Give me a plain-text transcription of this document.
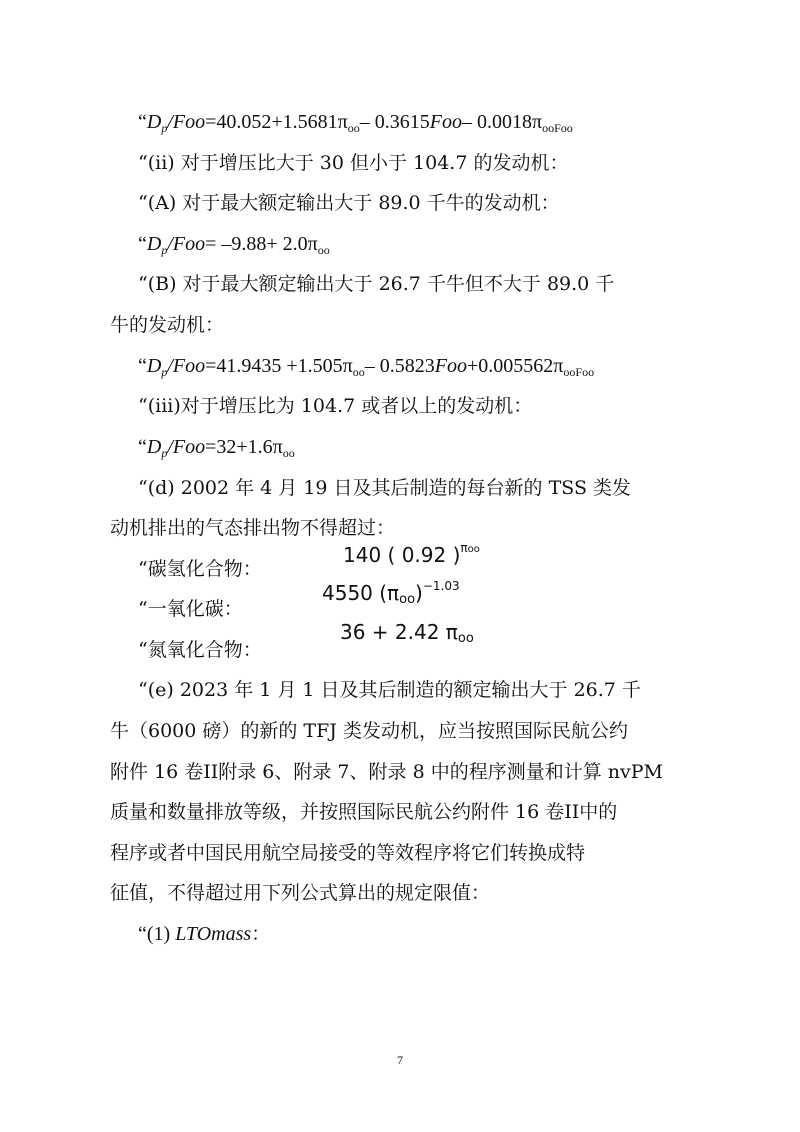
“$D_p/Foo=40.052+1.5681\pi_{oo}-$ 0.3615Foo– $0.0018\pi_{ooFoo}$
“(ii) 对于增压比大于 30 但小于 104.7 的发动机：
“(A) 对于最大额定输出大于 89.0 千牛的发动机：
“$D_p/Foo= -9.88+ 2.0\pi_{oo}$
“(B) 对于最大额定输出大于 26.7 千牛但不大于 89.0 千
牛的发动机：
“$D_p/Foo=41.9435 +1.505\pi_{oo}-$ $0.5823Foo+0.005562\pi_{ooFoo}$
“(iii)对于增压比为 104.7 或者以上的发动机：
“$D_p/Foo=32+1.6\pi_{oo}$
“(d) 2002 年 4 月 19 日及其后制造的每台新的 TSS 类发
动机排出的气态排出物不得超过：
“碳氢化合物：
140 ( 0.92 )$^{\pi oo}$
“一氧化碳：
4550 $(\pi_{oo})^{-1.03}$
“氮氧化合物：
36 + 2.42 $\pi_{oo}$
“(e) 2023 年 1 月 1 日及其后制造的额定输出大于 26.7 千
牛（6000 磅）的新的 TFJ 类发动机，应当按照国际民航公约
附件 16 卷II附录 6、附录 7、附录 8 中的程序测量和计算 nvPM
质量和数量排放等级，并按照国际民航公约附件 16 卷II中的
程序或者中国民用航空局接受的等效程序将它们转换成特
征值，不得超过用下列公式算出的规定限值：
“(1) LTOmass：
7
